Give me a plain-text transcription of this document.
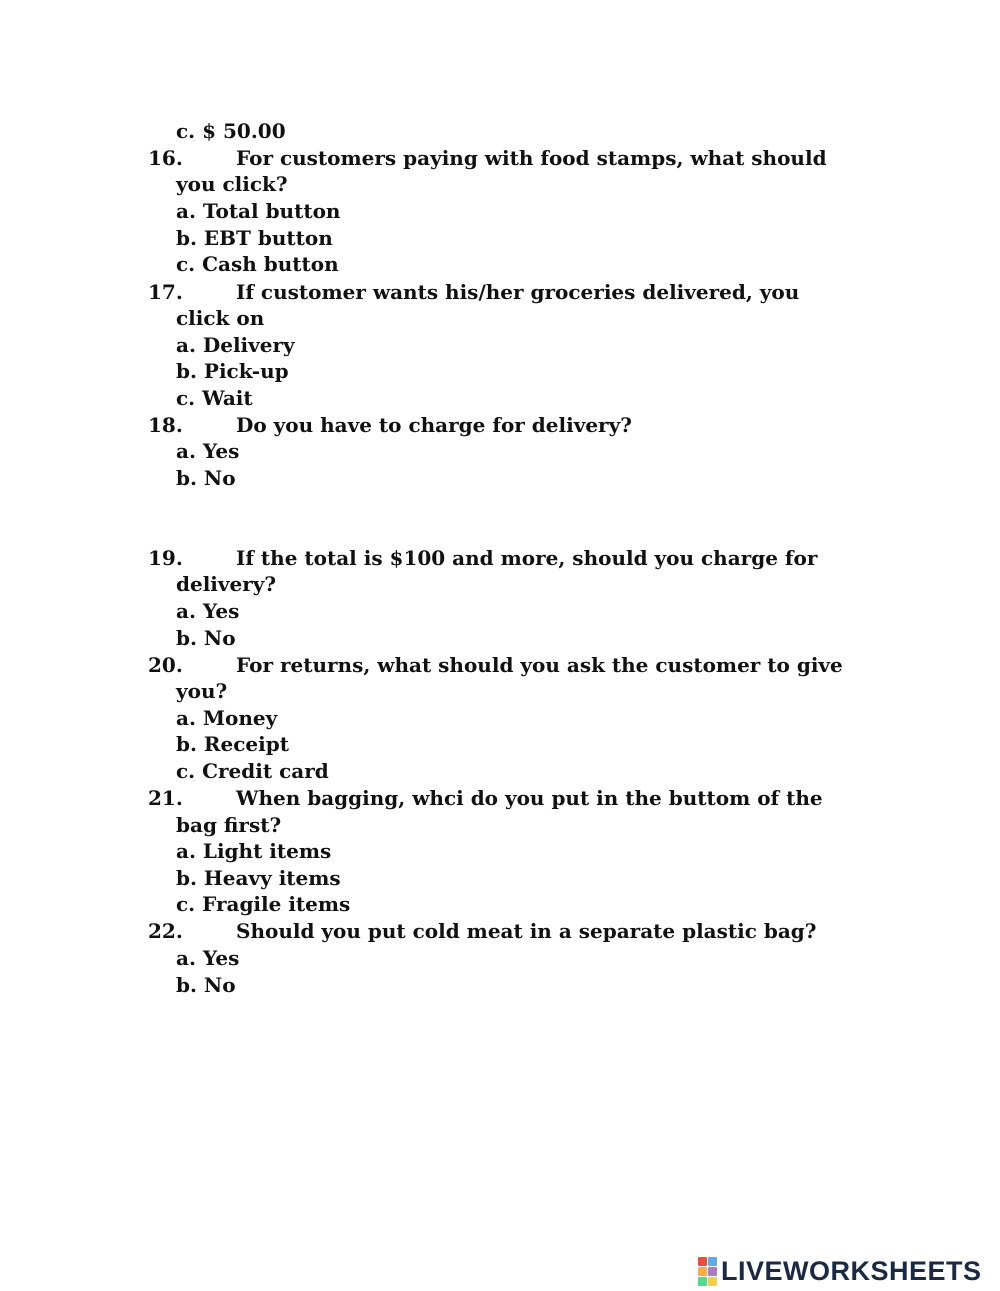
c. $ 50.00
16.	For customers paying with food stamps, what should
you click?
a. Total button
b. EBT button
c. Cash button
17.	If customer wants his/her groceries delivered, you
click on
a. Delivery
b. Pick-up
c. Wait
18.	Do you have to charge for delivery?
a. Yes
b. No
19.	If the total is $100 and more, should you charge for
delivery?
a. Yes
b. No
20.	For returns, what should you ask the customer to give
you?
a. Money
b. Receipt
c. Credit card
21.	When bagging, whci do you put in the buttom of the
bag first?
a. Light items
b. Heavy items
c. Fragile items
22.	Should you put cold meat in a separate plastic bag?
a. Yes
b. No
LIVEWORKSHEETS
